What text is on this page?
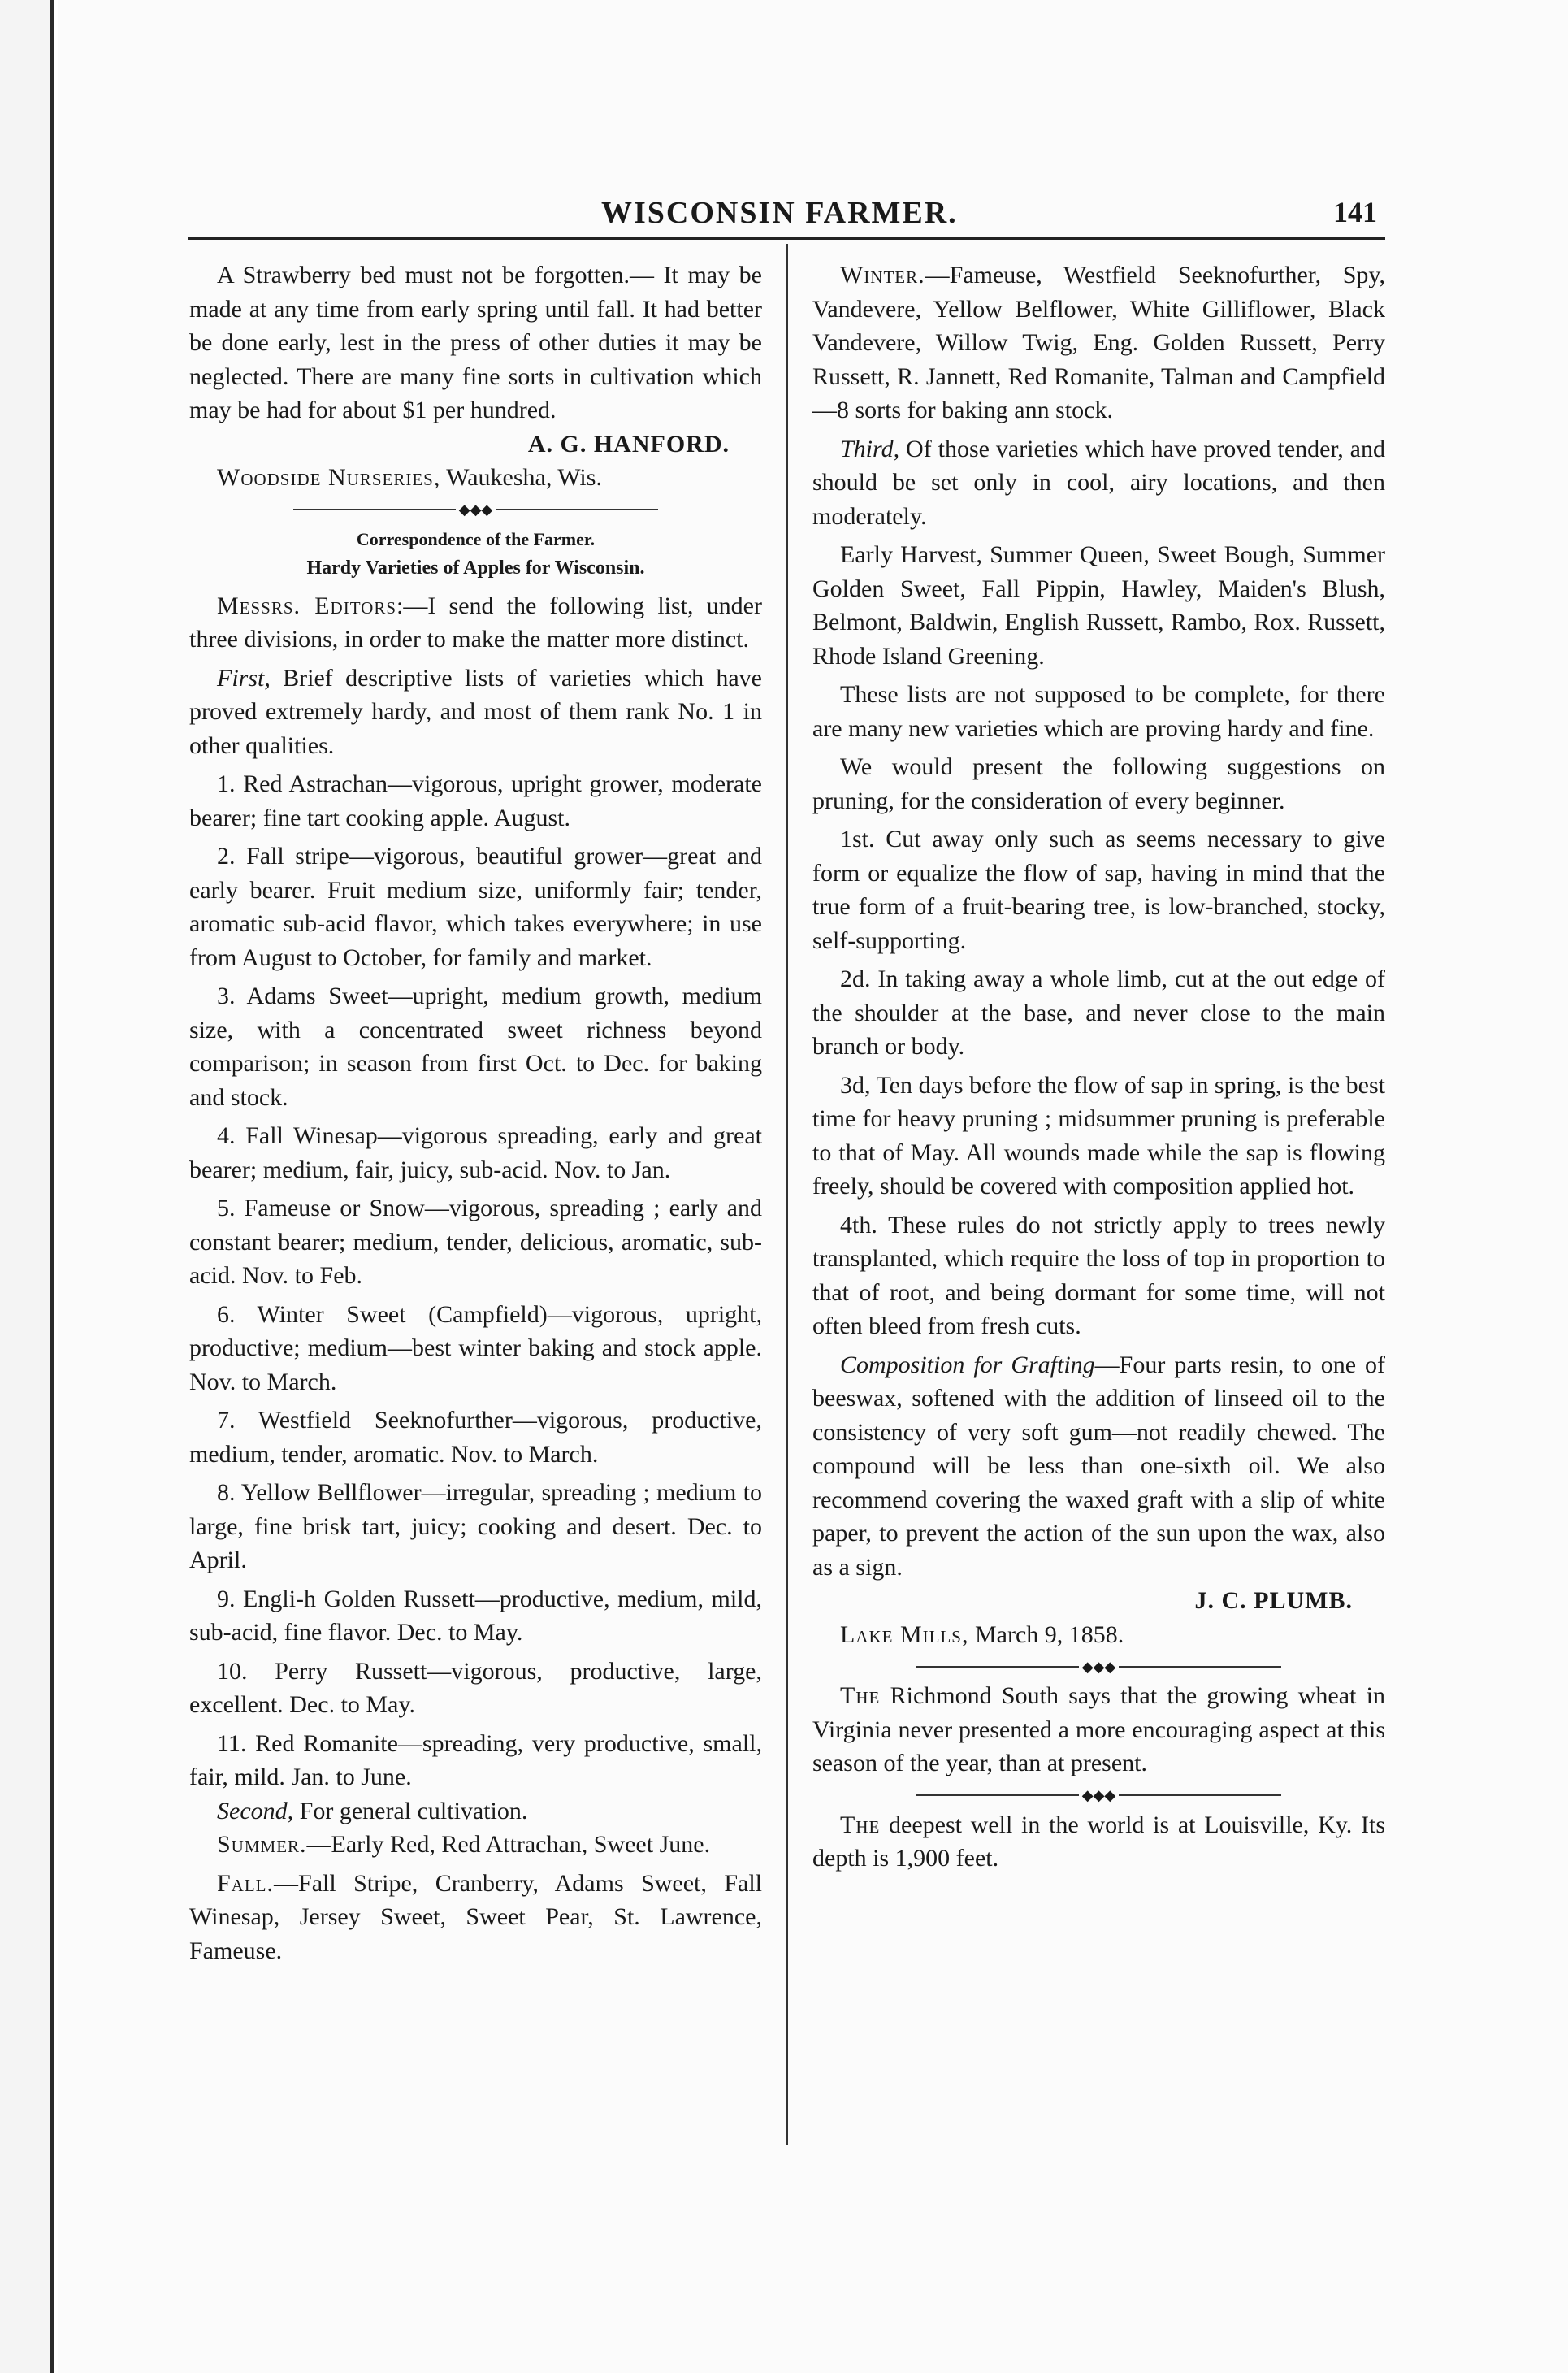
WISCONSIN FARMER.	141

A Strawberry bed must not be forgotten.— It may be made at any time from early spring until fall. It had better be done early, lest in the press of other duties it may be neglected. There are many fine sorts in cultivation which may be had for about $1 per hundred.

A. G. HANFORD.

Woodside Nurseries, Waukesha, Wis.

◆◆◆
Correspondence of the Farmer.
Hardy Varieties of Apples for Wisconsin.

Messrs. Editors:—I send the following list, under three divisions, in order to make the matter more distinct.

First, Brief descriptive lists of varieties which have proved extremely hardy, and most of them rank No. 1 in other qualities.

1. Red Astrachan—vigorous, upright grower, moderate bearer; fine tart cooking apple. August.

2. Fall stripe—vigorous, beautiful grower—great and early bearer. Fruit medium size, uniformly fair; tender, aromatic sub-acid flavor, which takes everywhere; in use from August to October, for family and market.

3. Adams Sweet—upright, medium growth, medium size, with a concentrated sweet richness beyond comparison; in season from first Oct. to Dec. for baking and stock.

4. Fall Winesap—vigorous spreading, early and great bearer; medium, fair, juicy, sub-acid. Nov. to Jan.

5. Fameuse or Snow—vigorous, spreading ; early and constant bearer; medium, tender, delicious, aromatic, sub-acid. Nov. to Feb.

6. Winter Sweet (Campfield)—vigorous, upright, productive; medium—best winter baking and stock apple. Nov. to March.

7. Westfield Seeknofurther—vigorous, productive, medium, tender, aromatic. Nov. to March.

8. Yellow Bellflower—irregular, spreading ; medium to large, fine brisk tart, juicy; cooking and desert. Dec. to April.

9. Engli-h Golden Russett—productive, medium, mild, sub-acid, fine flavor. Dec. to May.

10. Perry Russett—vigorous, productive, large, excellent. Dec. to May.

11. Red Romanite—spreading, very productive, small, fair, mild. Jan. to June.

Second, For general cultivation.

Summer.—Early Red, Red Attrachan, Sweet June.

Fall.—Fall Stripe, Cranberry, Adams Sweet, Fall Winesap, Jersey Sweet, Sweet Pear, St. Lawrence, Fameuse.

Winter.—Fameuse, Westfield Seeknofurther, Spy, Vandevere, Yellow Belflower, White Gilliflower, Black Vandevere, Willow Twig, Eng. Golden Russett, Perry Russett, R. Jannett, Red Romanite, Talman and Campfield—8 sorts for baking ann stock.

Third, Of those varieties which have proved tender, and should be set only in cool, airy locations, and then moderately.

Early Harvest, Summer Queen, Sweet Bough, Summer Golden Sweet, Fall Pippin, Hawley, Maiden's Blush, Belmont, Baldwin, English Russett, Rambo, Rox. Russett, Rhode Island Greening.

These lists are not supposed to be complete, for there are many new varieties which are proving hardy and fine.

We would present the following suggestions on pruning, for the consideration of every beginner.

1st. Cut away only such as seems necessary to give form or equalize the flow of sap, having in mind that the true form of a fruit-bearing tree, is low-branched, stocky, self-supporting.

2d. In taking away a whole limb, cut at the out edge of the shoulder at the base, and never close to the main branch or body.

3d, Ten days before the flow of sap in spring, is the best time for heavy pruning ; midsummer pruning is preferable to that of May. All wounds made while the sap is flowing freely, should be covered with composition applied hot.

4th. These rules do not strictly apply to trees newly transplanted, which require the loss of top in proportion to that of root, and being dormant for some time, will not often bleed from fresh cuts.

Composition for Grafting—Four parts resin, to one of beeswax, softened with the addition of linseed oil to the consistency of very soft gum—not readily chewed. The compound will be less than one-sixth oil. We also recommend covering the waxed graft with a slip of white paper, to prevent the action of the sun upon the wax, also as a sign.

J. C. PLUMB.

Lake Mills, March 9, 1858.

◆◆◆

The Richmond South says that the growing wheat in Virginia never presented a more encouraging aspect at this season of the year, than at present.

◆◆◆

The deepest well in the world is at Louisville, Ky. Its depth is 1,900 feet.
